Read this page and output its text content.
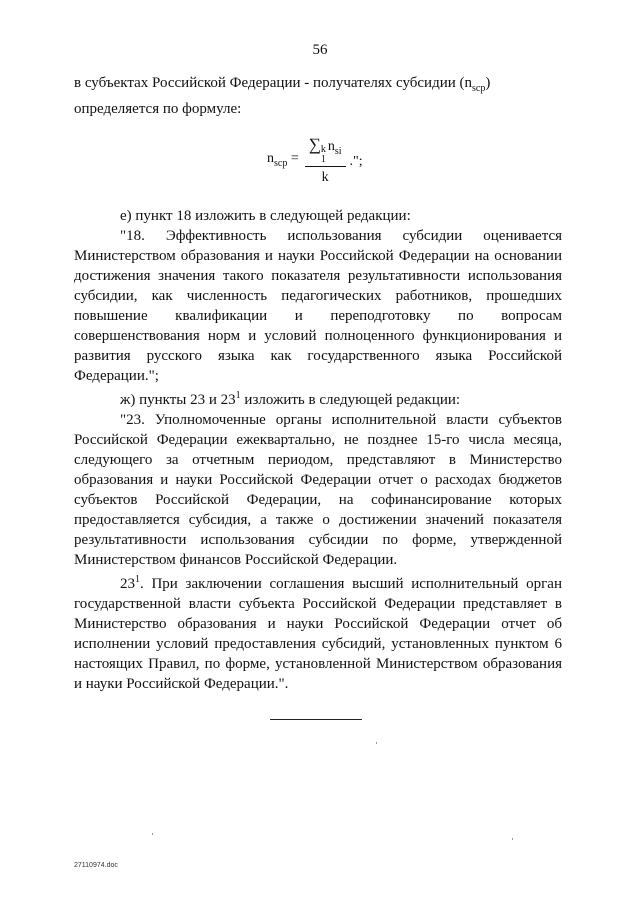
56

в субъектах Российской Федерации - получателях субсидии $(n_{scp})$

определяется по формуле:

$n_{scp}$ = ∑ k
1
$n_{si}$
k .";

е) пункт 18 изложить в следующей редакции:

"18. Эффективность использования субсидии оценивается Министерством образования и науки Российской Федерации на основании достижения значения такого показателя результативности использования субсидии, как численность педагогических работников, прошедших повышение квалификации и переподготовку по вопросам совершенствования норм и условий полноценного функционирования и развития русского языка как государственного языка Российской Федерации.";

ж) пункты 23 и $23^1$ изложить в следующей редакции:

"23. Уполномоченные органы исполнительной власти субъектов Российской Федерации ежеквартально, не позднее 15-го числа месяца, следующего за отчетным периодом, представляют в Министерство образования и науки Российской Федерации отчет о расходах бюджетов субъектов Российской Федерации, на софинансирование которых предоставляется субсидия, а также о достижении значений показателя результативности использования субсидии по форме, утвержденной Министерством финансов Российской Федерации.

$23^1$. При заключении соглашения высший исполнительный орган государственной власти субъекта Российской Федерации представляет в Министерство образования и науки Российской Федерации отчет об исполнении условий предоставления субсидий, установленных пунктом 6 настоящих Правил, по форме, установленной Министерством образования и науки Российской Федерации.".

27110974.doc
